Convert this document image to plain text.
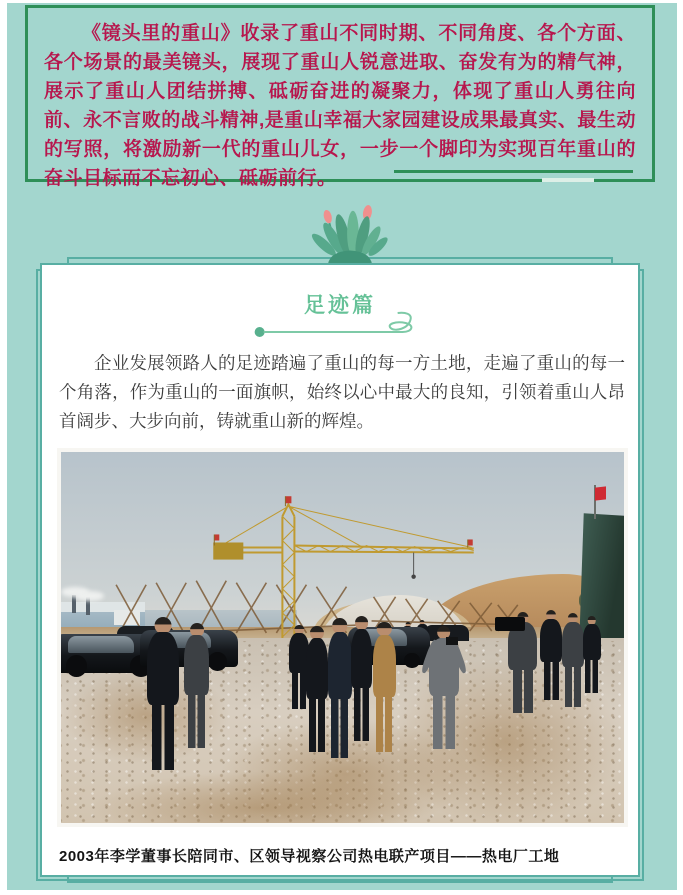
《镜头里的重山》收录了重山不同时期、不同角度、各个方面、各个场景的最美镜头，展现了重山人锐意进取、奋发有为的精气神，展示了重山人团结拼搏、砥砺奋进的凝聚力，体现了重山人勇往向前、永不言败的战斗精神,是重山幸福大家园建设成果最真实、最生动的写照，将激励新一代的重山儿女，一步一个脚印为实现百年重山的奋斗目标而不忘初心、砥砺前行。

足迹篇

企业发展领路人的足迹踏遍了重山的每一方土地，走遍了重山的每一个角落，作为重山的一面旗帜，始终以心中最大的良知，引领着重山人昂首阔步、大步向前，铸就重山新的辉煌。

2003年李学董事长陪同市、区领导视察公司热电联产项目——热电厂工地
